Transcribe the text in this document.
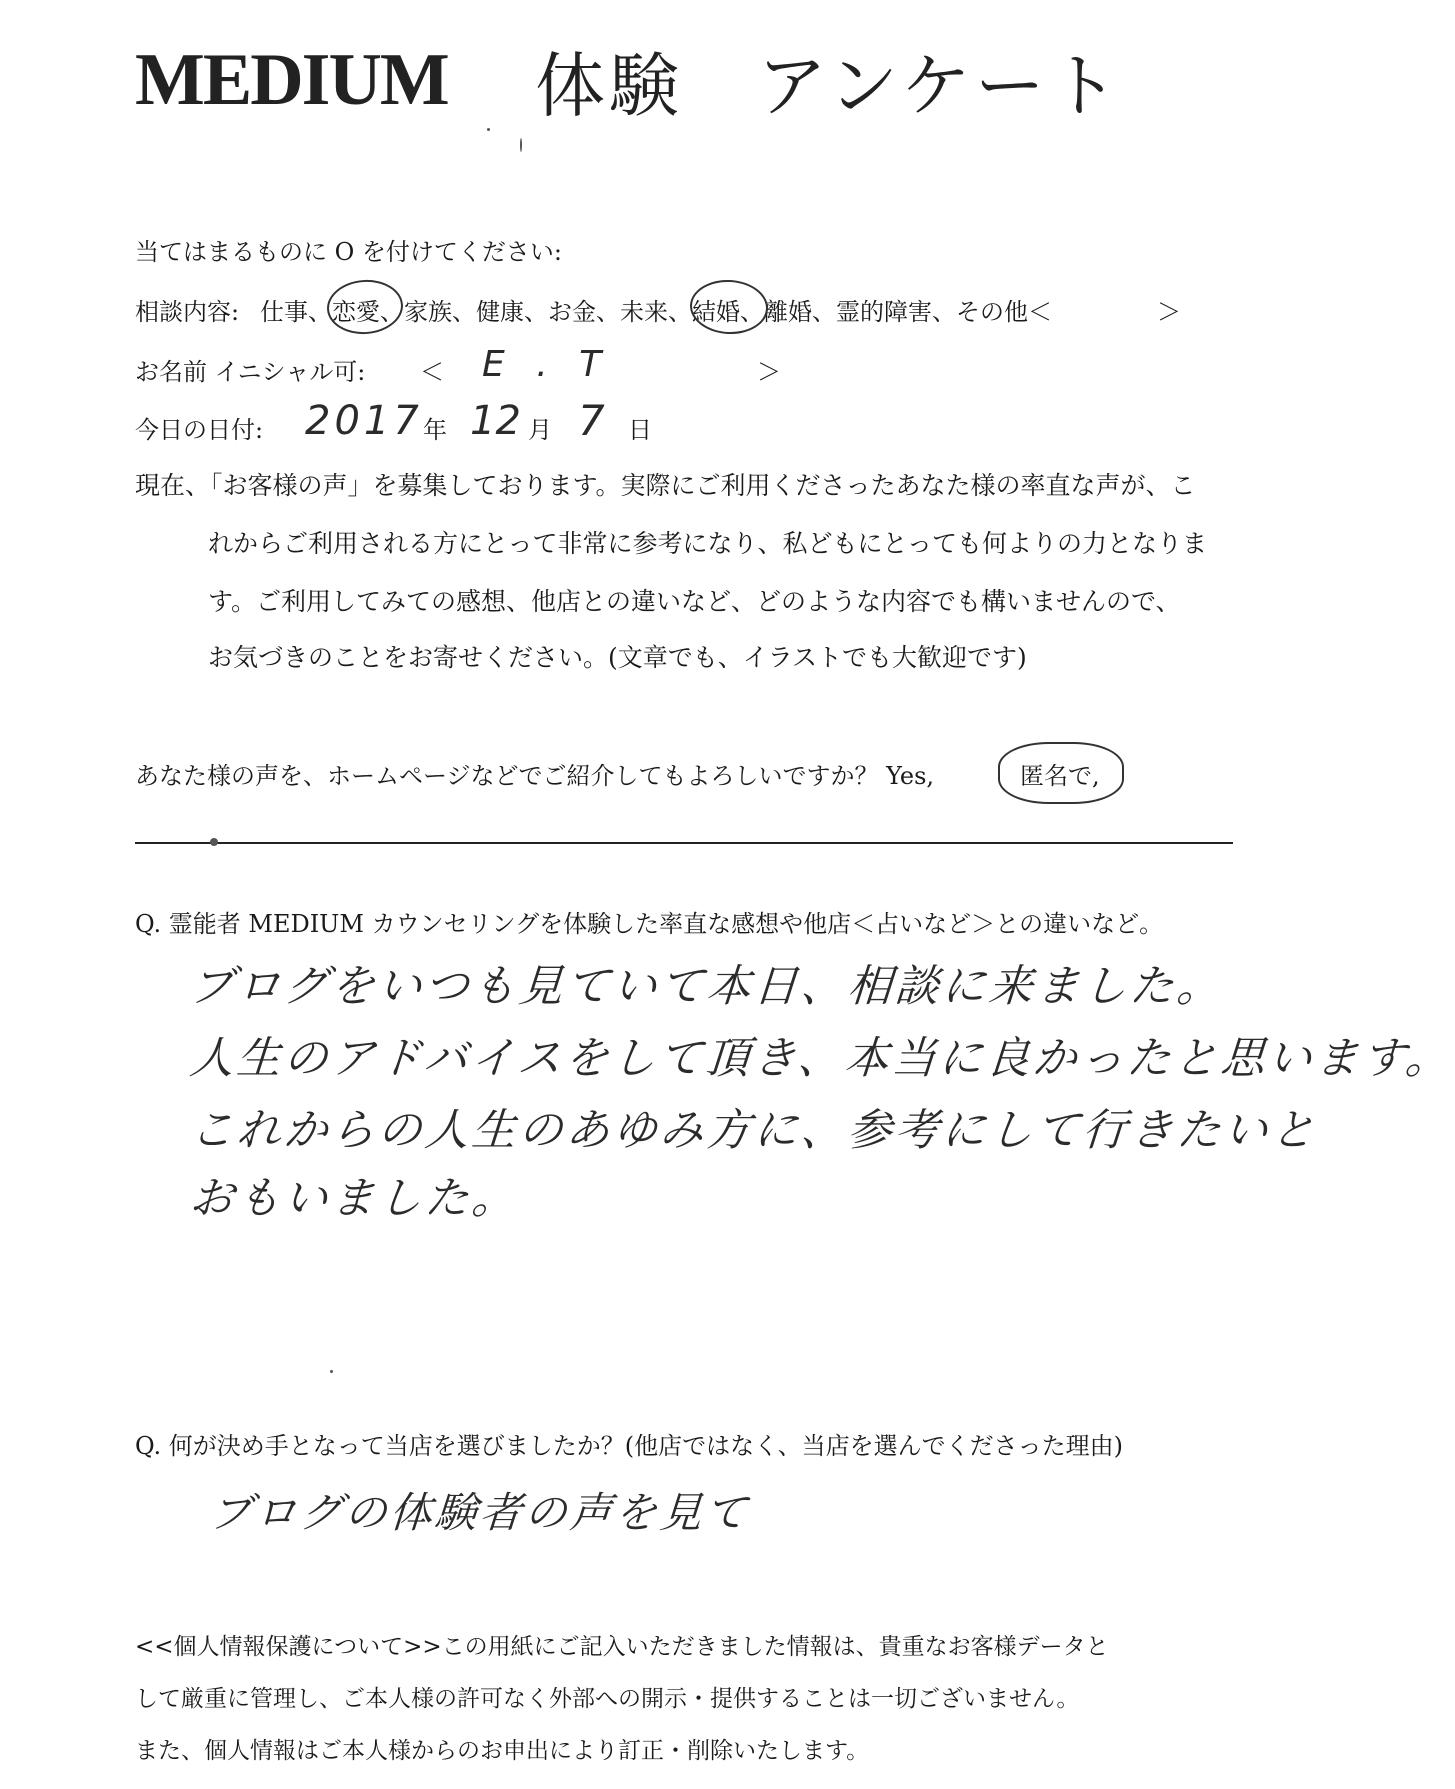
MEDIUM 体験　アンケート
当てはまるものに O を付けてください:
相談内容: 仕事、恋愛、家族、健康、お金、未来、結婚、離婚、霊的障害、その他＜	＞
お名前 イニシャル可: ＜ E . T	＞
今日の日付: 2017 年 12 月 7 日
現在、「お客様の声」を募集しております。実際にご利用くださったあなた様の率直な声が、こ
れからご利用される方にとって非常に参考になり、私どもにとっても何よりの力となりま
す。ご利用してみての感想、他店との違いなど、どのような内容でも構いませんので、
お気づきのことをお寄せください。(文章でも、イラストでも大歓迎です)
あなた様の声を、ホームページなどでご紹介してもよろしいですか？ Yes,	匿名で,
Q. 霊能者 MEDIUM カウンセリングを体験した率直な感想や他店＜占いなど＞との違いなど。
ブログをいつも見ていて本日、相談に来ました。
人生のアドバイスをして頂き、本当に良かったと思います。
これからの人生のあゆみ方に、参考にして行きたいと
おもいました。
Q. 何が決め手となって当店を選びましたか？(他店ではなく、当店を選んでくださった理由)
ブログの体験者の声を見て
<<個人情報保護について>>この用紙にご記入いただきました情報は、貴重なお客様データと
して厳重に管理し、ご本人様の許可なく外部への開示・提供することは一切ございません。
また、個人情報はご本人様からのお申出により訂正・削除いたします。
